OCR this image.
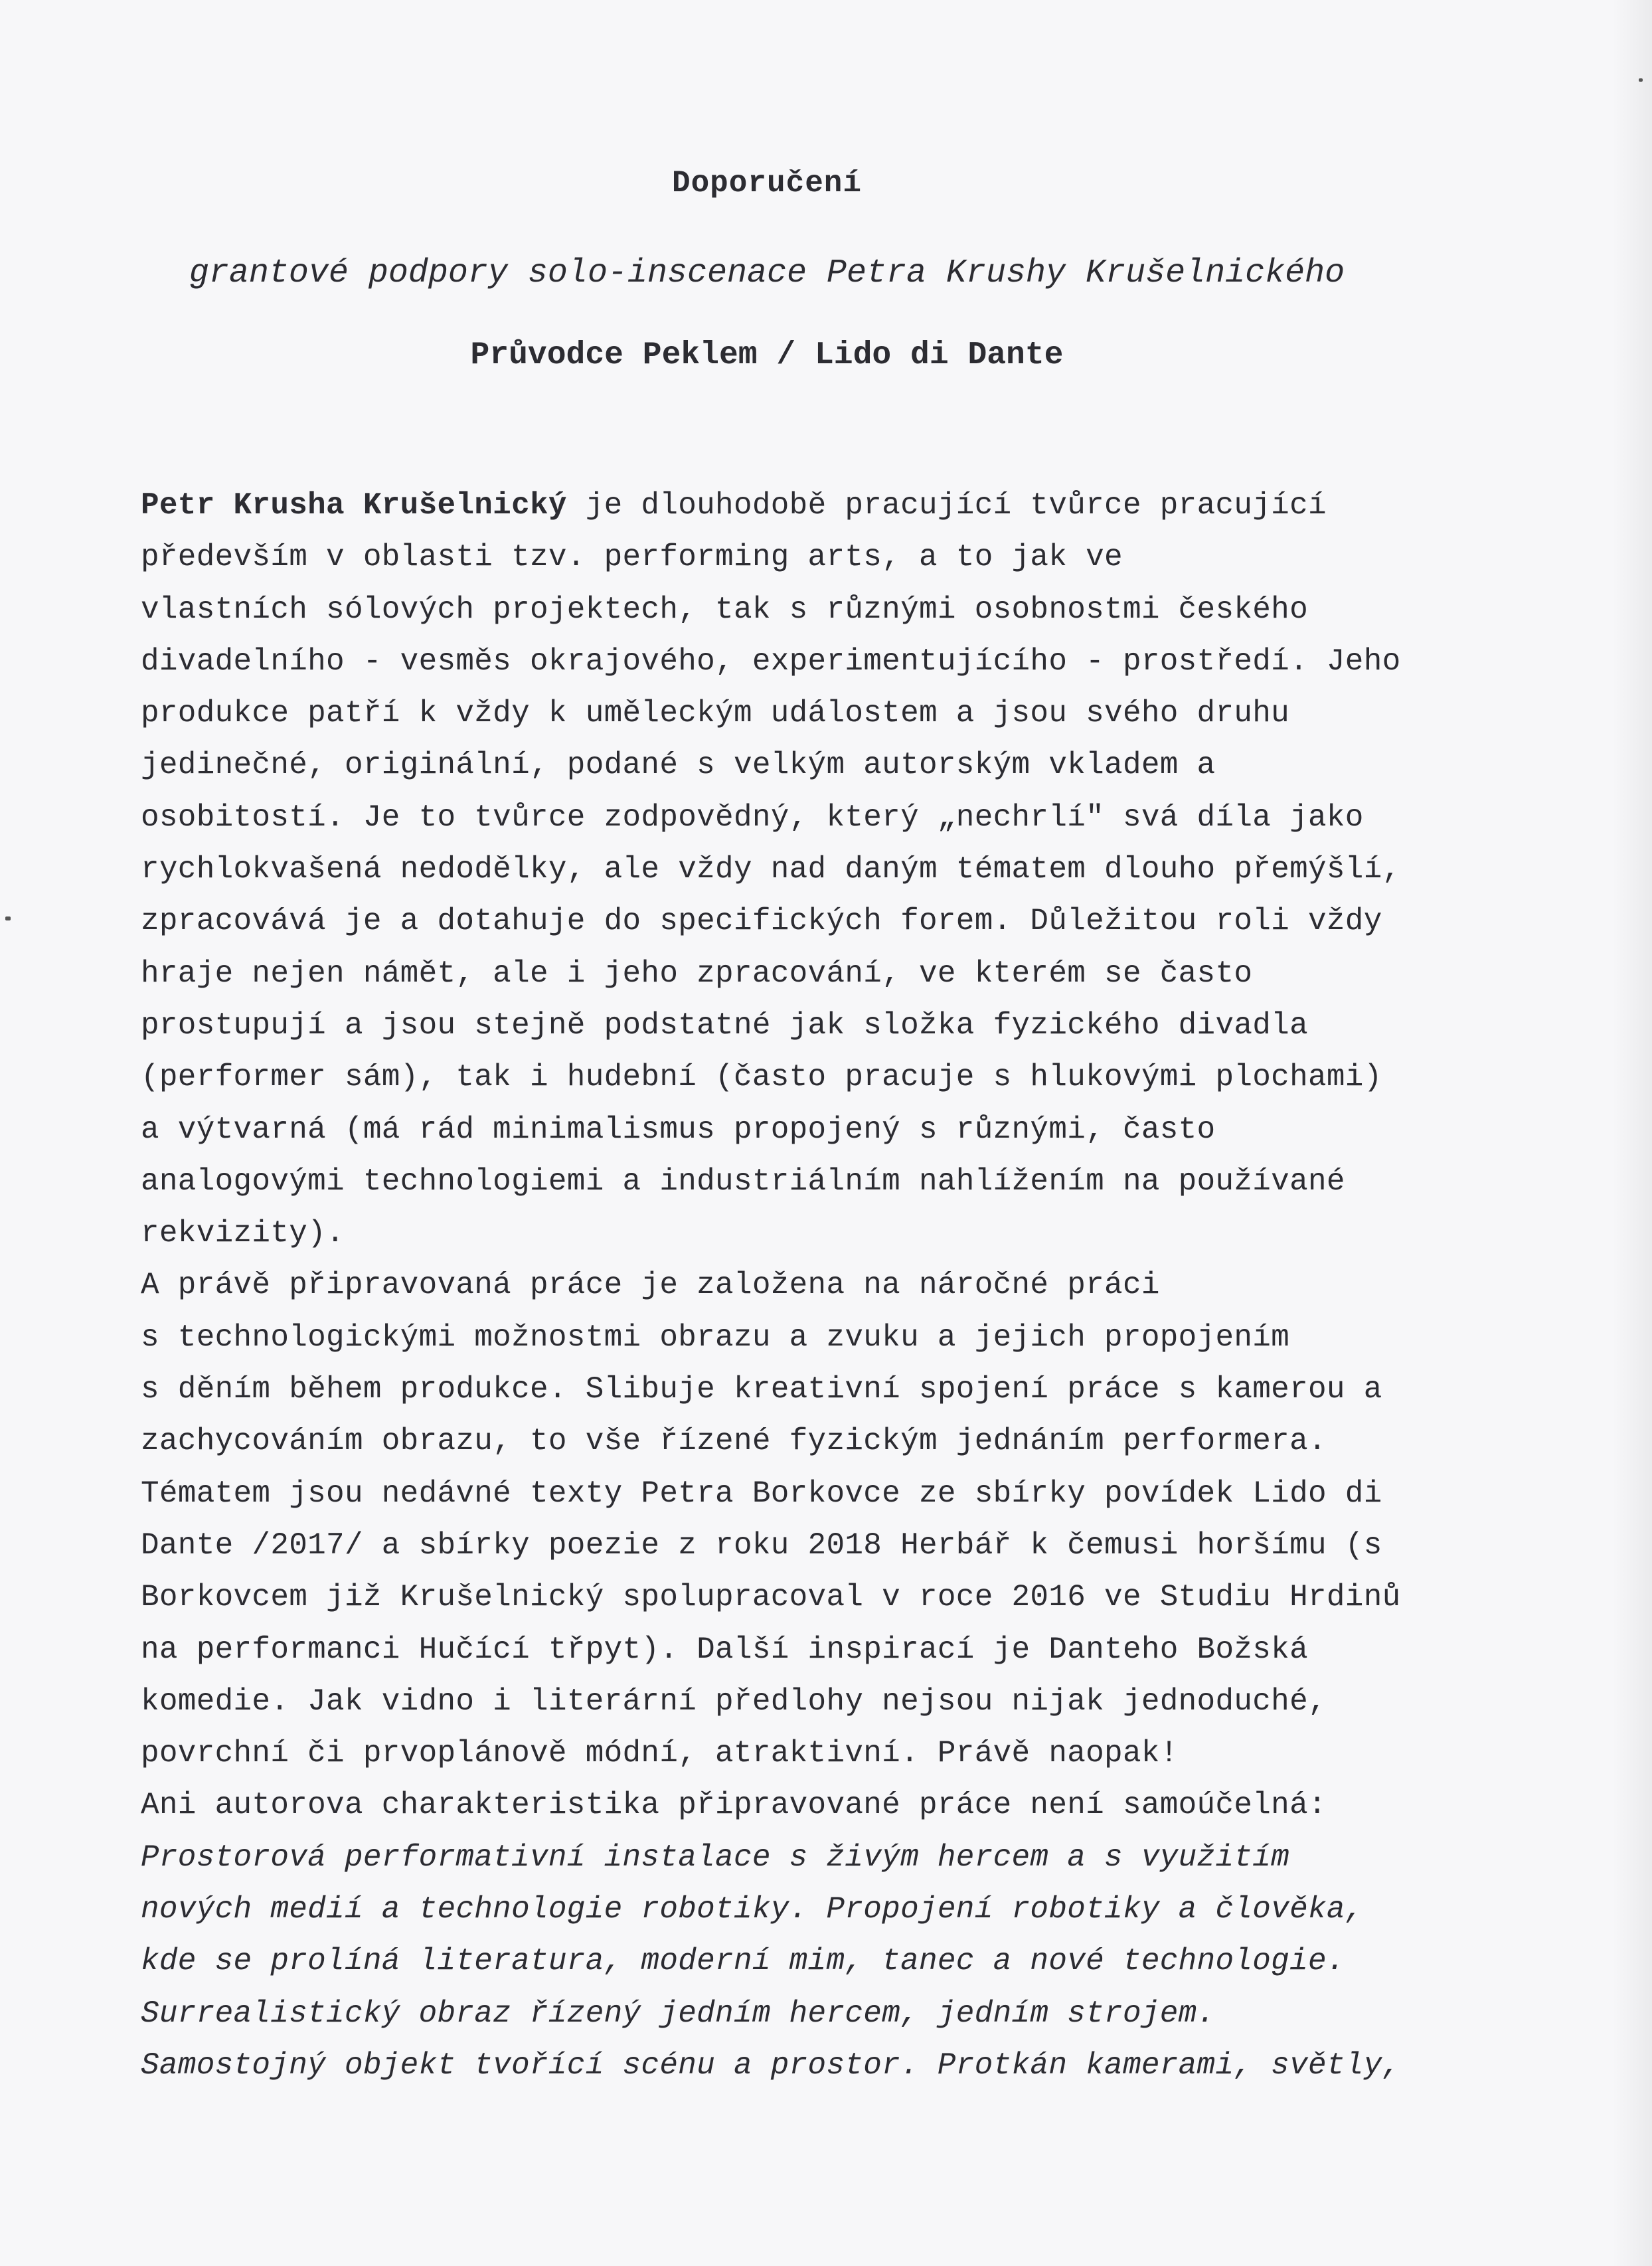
Doporučení
grantové podpory solo-inscenace Petra Krushy Krušelnického
Průvodce Peklem / Lido di Dante
Petr Krusha Krušelnický je dlouhodobě pracující tvůrce pracující
především v oblasti tzv. performing arts, a to jak ve
vlastních sólových projektech, tak s různými osobnostmi českého
divadelního - vesměs okrajového, experimentujícího - prostředí. Jeho
produkce patří k vždy k uměleckým událostem a jsou svého druhu
jedinečné, originální, podané s velkým autorským vkladem a
osobitostí. Je to tvůrce zodpovědný, který „nechrlí" svá díla jako
rychlokvašená nedodělky, ale vždy nad daným tématem dlouho přemýšlí,
zpracovává je a dotahuje do specifických forem. Důležitou roli vždy
hraje nejen námět, ale i jeho zpracování, ve kterém se často
prostupují a jsou stejně podstatné jak složka fyzického divadla
(performer sám), tak i hudební (často pracuje s hlukovými plochami)
a výtvarná (má rád minimalismus propojený s různými, často
analogovými technologiemi a industriálním nahlížením na používané
rekvizity).
A právě připravovaná práce je založena na náročné práci
s technologickými možnostmi obrazu a zvuku a jejich propojením
s děním během produkce. Slibuje kreativní spojení práce s kamerou a
zachycováním obrazu, to vše řízené fyzickým jednáním performera.
Tématem jsou nedávné texty Petra Borkovce ze sbírky povídek Lido di
Dante /2017/ a sbírky poezie z roku 2018 Herbář k čemusi horšímu (s
Borkovcem již Krušelnický spolupracoval v roce 2016 ve Studiu Hrdinů
na performanci Hučící třpyt). Další inspirací je Danteho Božská
komedie. Jak vidno i literární předlohy nejsou nijak jednoduché,
povrchní či prvoplánově módní, atraktivní. Právě naopak!
Ani autorova charakteristika připravované práce není samoúčelná:
Prostorová performativní instalace s živým hercem a s využitím
nových medií a technologie robotiky. Propojení robotiky a člověka,
kde se prolíná literatura, moderní mim, tanec a nové technologie.
Surrealistický obraz řízený jedním hercem, jedním strojem.
Samostojný objekt tvořící scénu a prostor. Protkán kamerami, světly,
